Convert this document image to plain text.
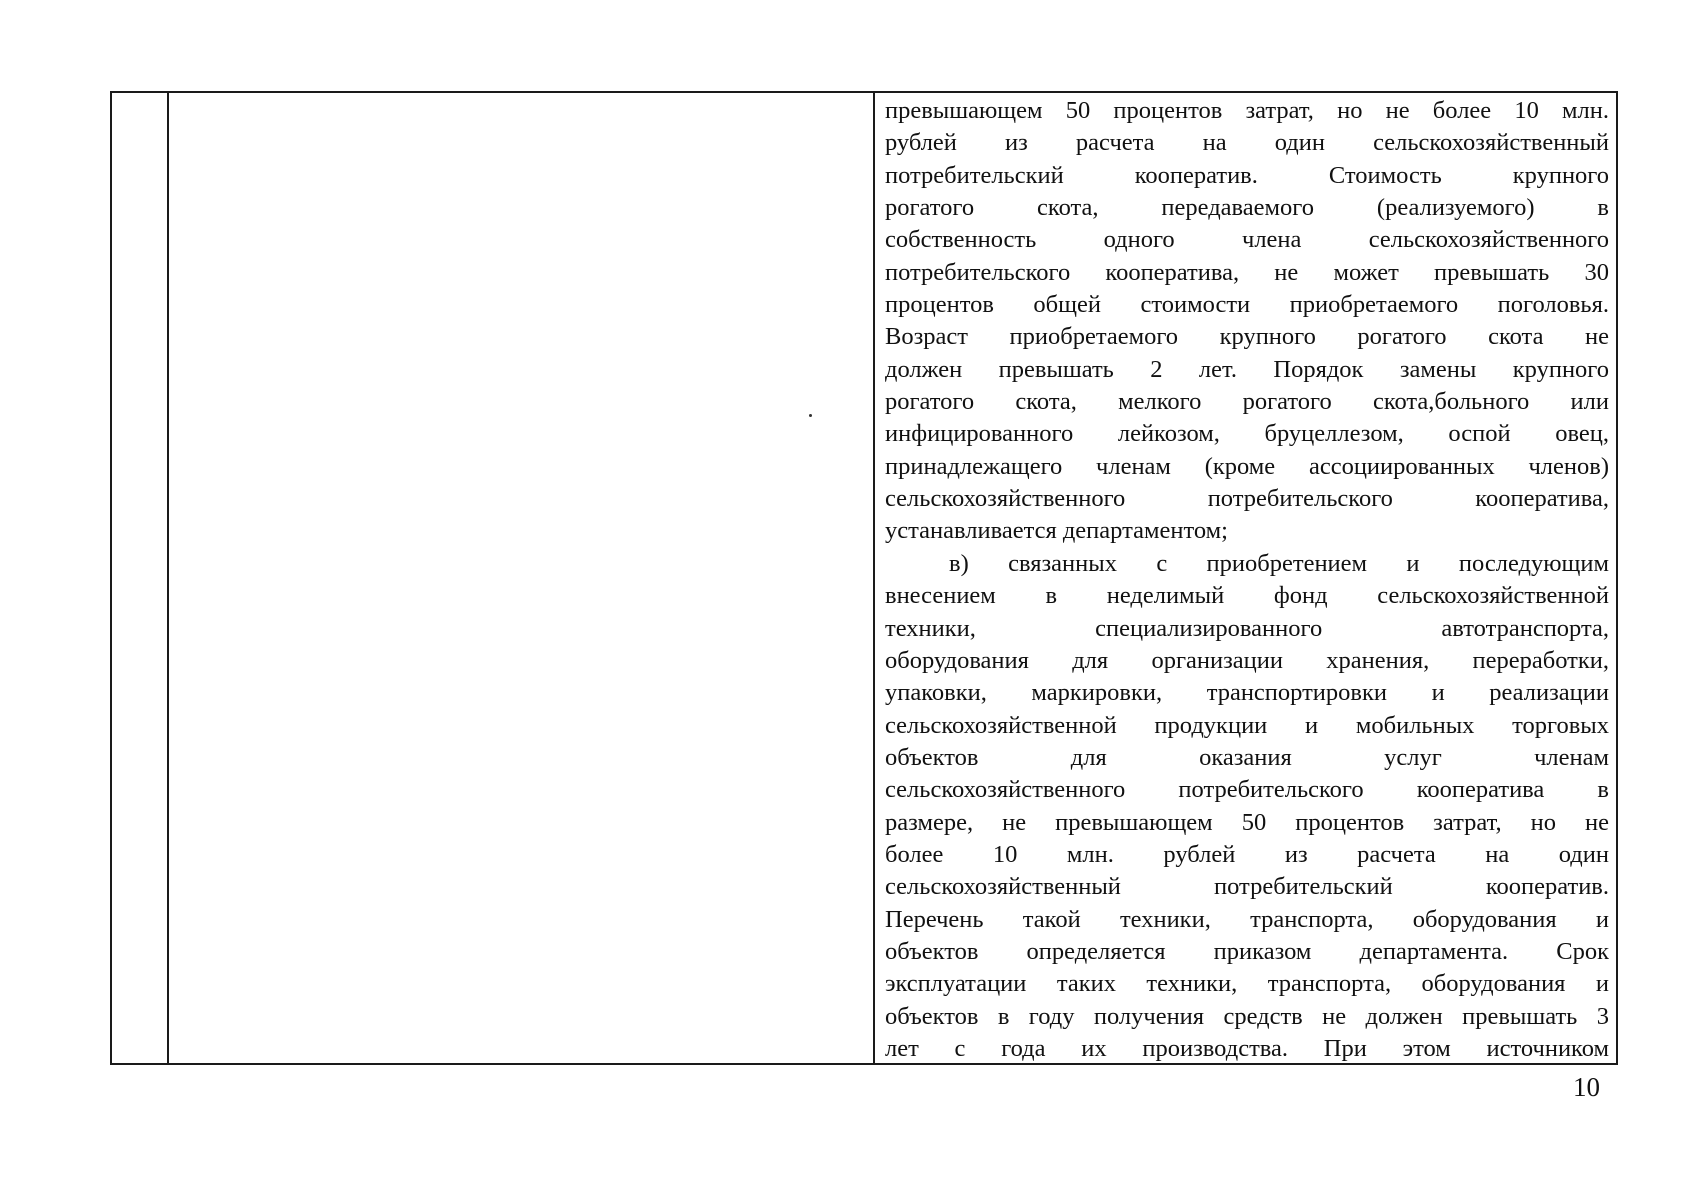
превышающем 50 процентов затрат, но не более 10 млн.
рублей из расчета на один сельскохозяйственный
потребительский кооператив. Стоимость крупного
рогатого скота, передаваемого (реализуемого) в
собственность одного члена сельскохозяйственного
потребительского кооператива, не может превышать 30
процентов общей стоимости приобретаемого поголовья.
Возраст приобретаемого крупного рогатого скота не
должен превышать 2 лет. Порядок замены крупного
рогатого скота, мелкого рогатого скота,больного или
инфицированного лейкозом, бруцеллезом, оспой овец,
принадлежащего членам (кроме ассоциированных членов)
сельскохозяйственного потребительского кооператива,
устанавливается департаментом;
в) связанных с приобретением и последующим
внесением в неделимый фонд сельскохозяйственной
техники, специализированного автотранспорта,
оборудования для организации хранения, переработки,
упаковки, маркировки, транспортировки и реализации
сельскохозяйственной продукции и мобильных торговых
объектов для оказания услуг членам
сельскохозяйственного потребительского кооператива в
размере, не превышающем 50 процентов затрат, но не
более 10 млн. рублей из расчета на один
сельскохозяйственный потребительский кооператив.
Перечень такой техники, транспорта, оборудования и
объектов определяется приказом департамента. Срок
эксплуатации таких техники, транспорта, оборудования и
объектов в году получения средств не должен превышать 3
лет с года их производства. При этом источником
10
